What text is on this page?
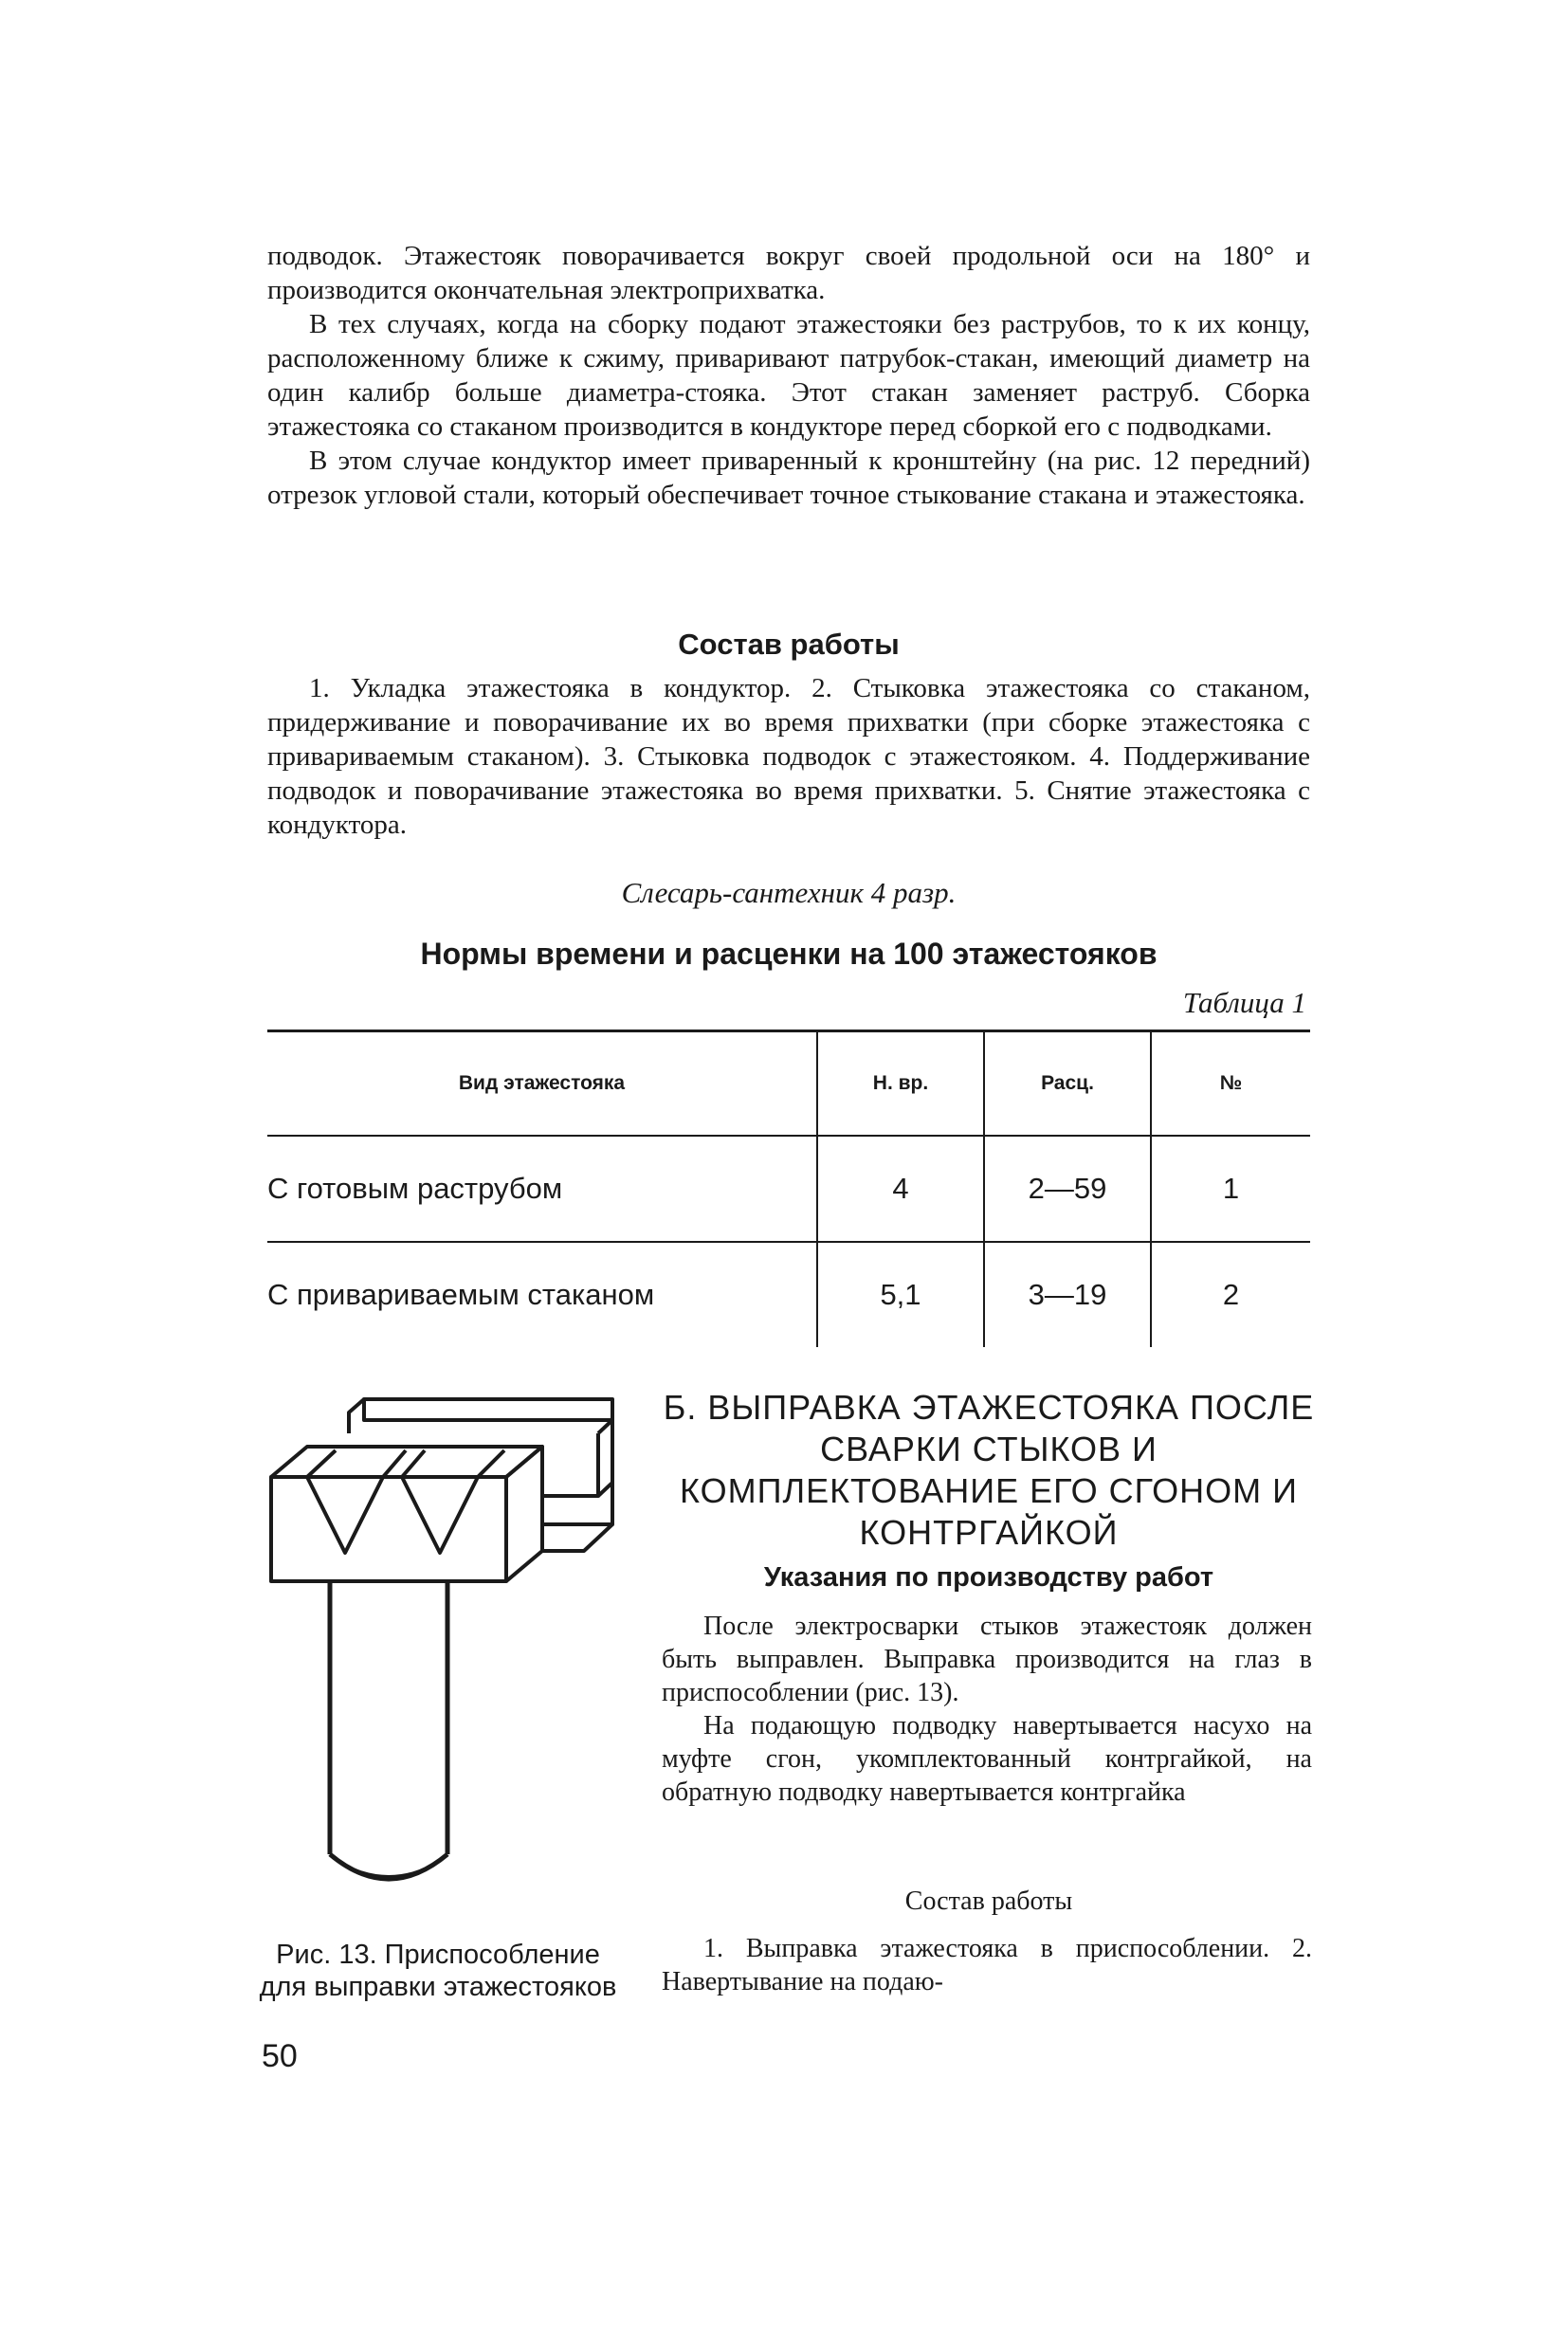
подводок. Этажестояк поворачивается вокруг своей продольной оси на 180° и производится окончательная электроприхватка.

В тех случаях, когда на сборку подают этажестояки без раструбов, то к их концу, расположенному ближе к сжиму, приваривают патрубок-стакан, имеющий диаметр на один калибр больше диаметра-стояка. Этот стакан заменяет раструб. Сборка этажестояка со стаканом производится в кондукторе перед сборкой его с подводками.

В этом случае кондуктор имеет приваренный к кронштейну (на рис. 12 передний) отрезок угловой стали, который обеспечивает точное стыкование стакана и этажестояка.

Состав работы

1. Укладка этажестояка в кондуктор. 2. Стыковка этажестояка со стаканом, придерживание и поворачивание их во время прихватки (при сборке этажестояка с привариваемым стаканом). 3. Стыковка подводок с этажестояком. 4. Поддерживание подводок и поворачивание этажестояка во время прихватки. 5. Снятие этажестояка с кондуктора.

Слесарь-сантехник 4 разр.
Нормы времени и расценки на 100 этажестояков
Таблица 1
Вид этажестояка	Н. вр.	Расц.	№
С готовым раструбом	4	2—59	1
С привариваемым стаканом	5,1	3—19	2
Рис. 13. Приспособление для выправки этажестояков
Б. ВЫПРАВКА ЭТАЖЕСТОЯКА ПОСЛЕ СВАРКИ СТЫКОВ И КОМПЛЕКТОВАНИЕ ЕГО СГОНОМ И КОНТРГАЙКОЙ
Указания по производству работ

После электросварки стыков этажестояк должен быть выправлен. Выправка производится на глаз в приспособлении (рис. 13).

На подающую подводку навертывается насухо на муфте сгон, укомплектованный контргайкой, на обратную подводку навертывается контргайка

Состав работы

1. Выправка этажестояка в приспособлении. 2. Навертывание на подаю-

50
